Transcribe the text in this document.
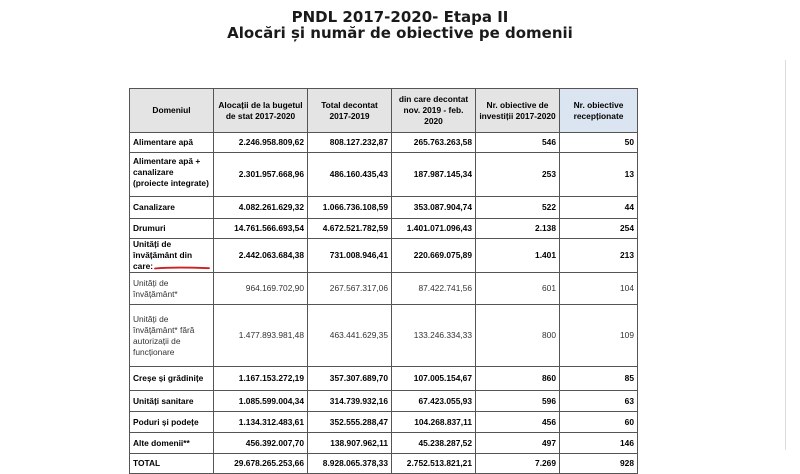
PNDL 2017-2020- Etapa II
Alocări și număr de obiective pe domenii
Domeniul	Alocații de la bugetul de stat 2017-2020	Total decontat 2017-2019	din care decontat nov. 2019 - feb. 2020	Nr. obiective de investiții 2017-2020	Nr. obiective recepționate
Alimentare apă	2.246.958.809,62	808.127.232,87	265.763.263,58	546	50
Alimentare apă + canalizare (proiecte integrate)	2.301.957.668,96	486.160.435,43	187.987.145,34	253	13
Canalizare	4.082.261.629,32	1.066.736.108,59	353.087.904,74	522	44
Drumuri	14.761.566.693,54	4.672.521.782,59	1.401.071.096,43	2.138	254
Unități de învățământ din care:	2.442.063.684,38	731.008.946,41	220.669.075,89	1.401	213
Unități de învățământ*	964.169.702,90	267.567.317,06	87.422.741,56	601	104
Unități de învățământ* fără autorizații de funcționare	1.477.893.981,48	463.441.629,35	133.246.334,33	800	109
Creșe și grădinițe	1.167.153.272,19	357.307.689,70	107.005.154,67	860	85
Unități sanitare	1.085.599.004,34	314.739.932,16	67.423.055,93	596	63
Poduri și podețe	1.134.312.483,61	352.555.288,47	104.268.837,11	456	60
Alte domenii**	456.392.007,70	138.907.962,11	45.238.287,52	497	146
TOTAL	29.678.265.253,66	8.928.065.378,33	2.752.513.821,21	7.269	928
